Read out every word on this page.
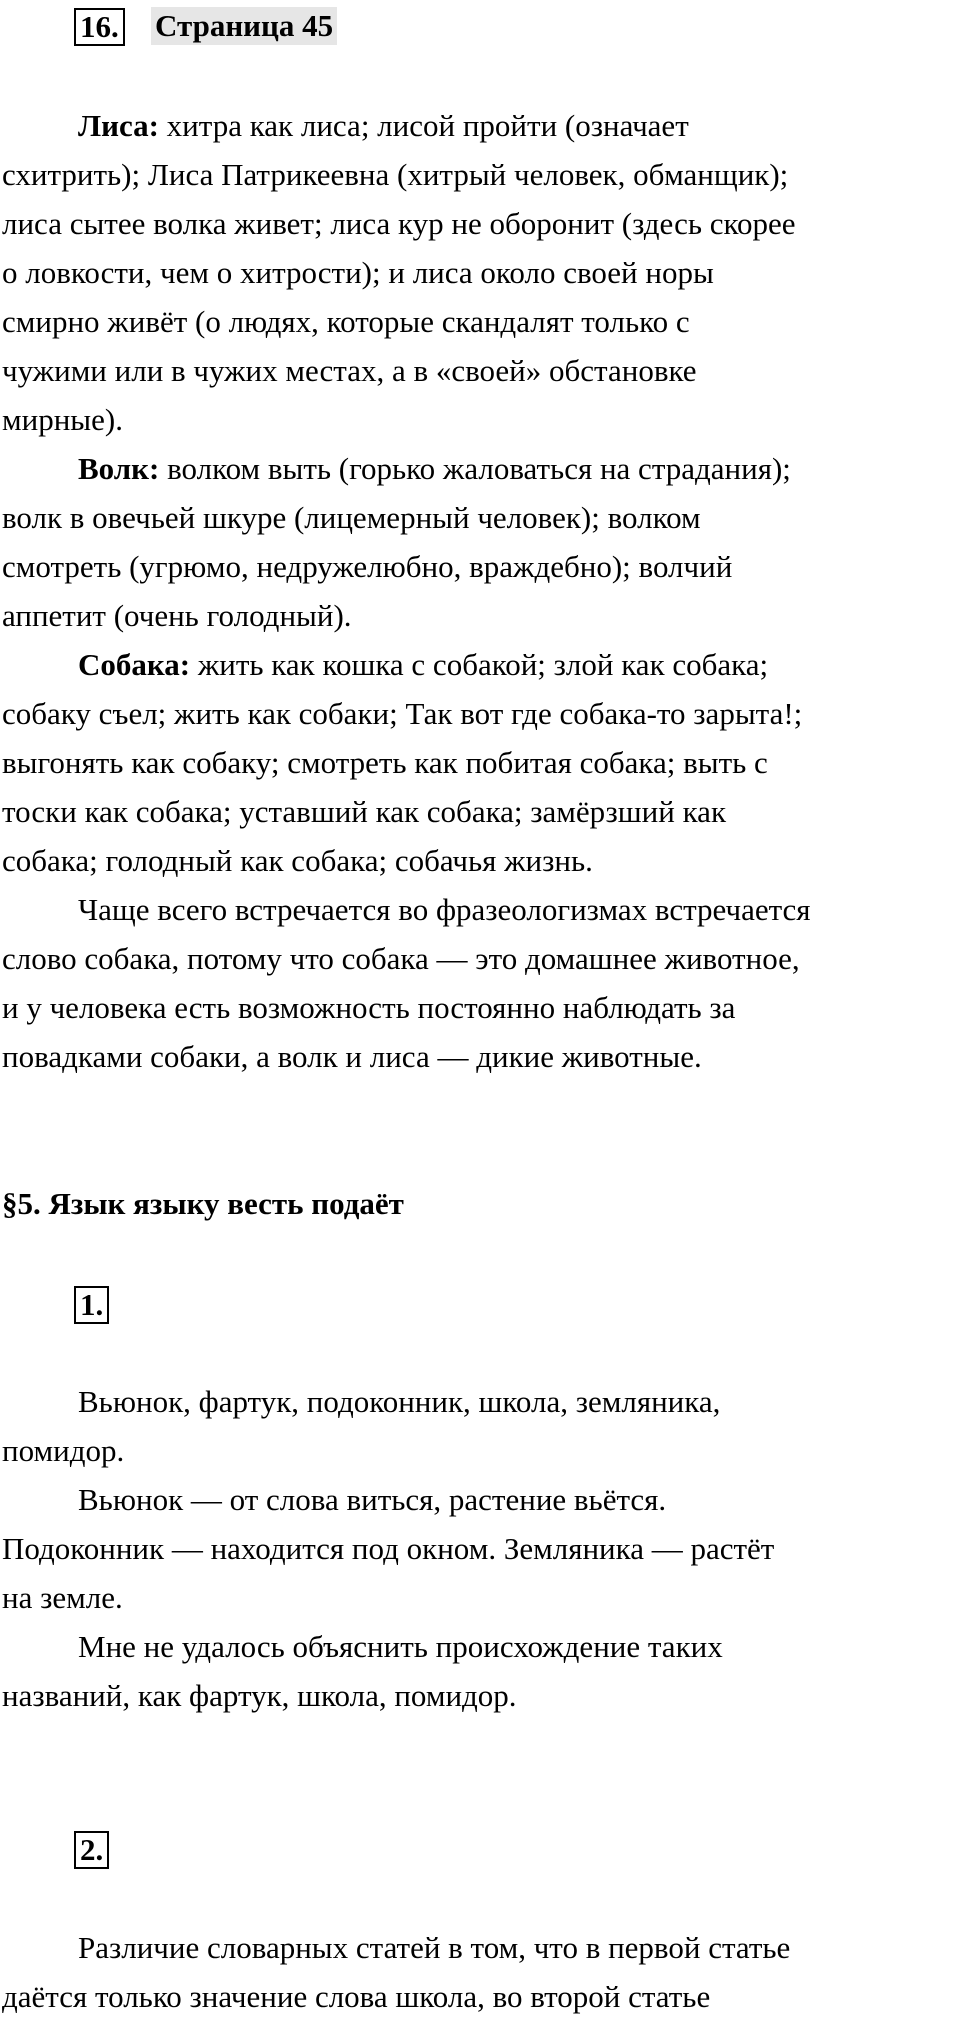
16. Страница 45
Лиса: хитра как лиса; лисой пройти (означает
схитрить); Лиса Патрикеевна (хитрый человек, обманщик);
лиса сытее волка живет; лиса кур не оборонит (здесь скорее
о ловкости, чем о хитрости); и лиса около своей норы
смирно живёт (о людях, которые скандалят только с
чужими или в чужих местах, а в «своей» обстановке
мирные).
Волк: волком выть (горько жаловаться на страдания);
волк в овечьей шкуре (лицемерный человек); волком
смотреть (угрюмо, недружелюбно, враждебно); волчий
аппетит (очень голодный).
Собака: жить как кошка с собакой; злой как собака;
собаку съел; жить как собаки; Так вот где собака-то зарыта!;
выгонять как собаку; смотреть как побитая собака; выть с
тоски как собака; уставший как собака; замёрзший как
собака; голодный как собака; собачья жизнь.
Чаще всего встречается во фразеологизмах встречается
слово собака, потому что собака — это домашнее животное,
и у человека есть возможность постоянно наблюдать за
повадками собаки, а волк и лиса — дикие животные.
§5. Язык языку весть подаёт
1.
Вьюнок, фартук, подоконник, школа, земляника,
помидор.
Вьюнок — от слова виться, растение вьётся.
Подоконник — находится под окном. Земляника — растёт
на земле.
Мне не удалось объяснить происхождение таких
названий, как фартук, школа, помидор.
2.
Различие словарных статей в том, что в первой статье
даётся только значение слова школа, во второй статье
